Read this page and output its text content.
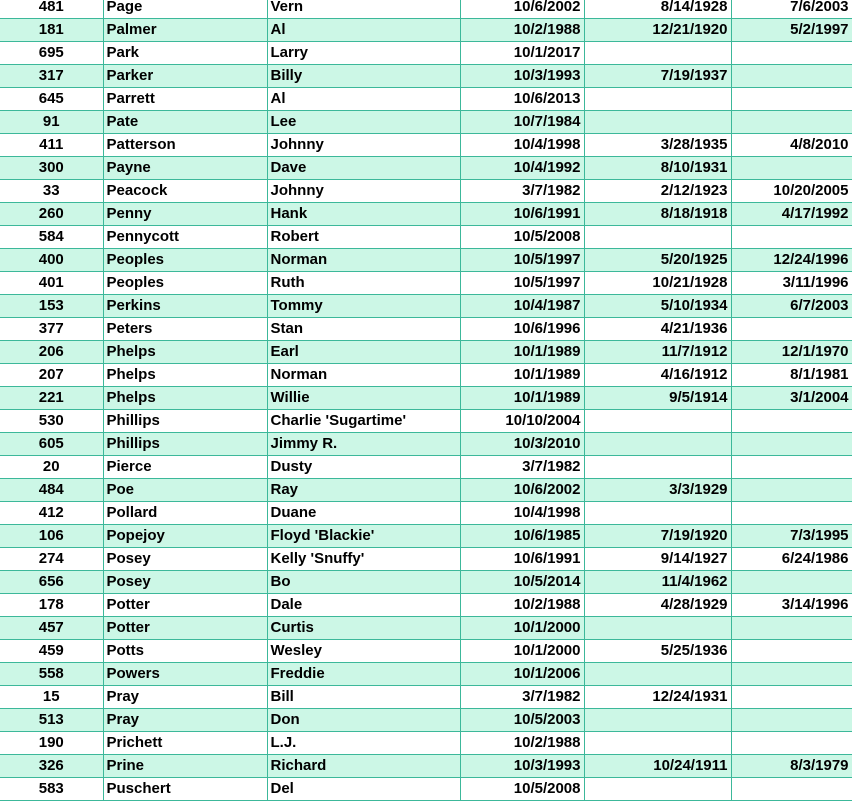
481	Page	Vern	10/6/2002	8/14/1928	7/6/2003
181	Palmer	Al	10/2/1988	12/21/1920	5/2/1997
695	Park	Larry	10/1/2017		
317	Parker	Billy	10/3/1993	7/19/1937	
645	Parrett	Al	10/6/2013		
91	Pate	Lee	10/7/1984		
411	Patterson	Johnny	10/4/1998	3/28/1935	4/8/2010
300	Payne	Dave	10/4/1992	8/10/1931	
33	Peacock	Johnny	3/7/1982	2/12/1923	10/20/2005
260	Penny	Hank	10/6/1991	8/18/1918	4/17/1992
584	Pennycott	Robert	10/5/2008		
400	Peoples	Norman	10/5/1997	5/20/1925	12/24/1996
401	Peoples	Ruth	10/5/1997	10/21/1928	3/11/1996
153	Perkins	Tommy	10/4/1987	5/10/1934	6/7/2003
377	Peters	Stan	10/6/1996	4/21/1936	
206	Phelps	Earl	10/1/1989	11/7/1912	12/1/1970
207	Phelps	Norman	10/1/1989	4/16/1912	8/1/1981
221	Phelps	Willie	10/1/1989	9/5/1914	3/1/2004
530	Phillips	Charlie 'Sugartime'	10/10/2004		
605	Phillips	Jimmy R.	10/3/2010		
20	Pierce	Dusty	3/7/1982		
484	Poe	Ray	10/6/2002	3/3/1929	
412	Pollard	Duane	10/4/1998		
106	Popejoy	Floyd 'Blackie'	10/6/1985	7/19/1920	7/3/1995
274	Posey	Kelly 'Snuffy'	10/6/1991	9/14/1927	6/24/1986
656	Posey	Bo	10/5/2014	11/4/1962	
178	Potter	Dale	10/2/1988	4/28/1929	3/14/1996
457	Potter	Curtis	10/1/2000		
459	Potts	Wesley	10/1/2000	5/25/1936	
558	Powers	Freddie	10/1/2006		
15	Pray	Bill	3/7/1982	12/24/1931	
513	Pray	Don	10/5/2003		
190	Prichett	L.J.	10/2/1988		
326	Prine	Richard	10/3/1993	10/24/1911	8/3/1979
583	Puschert	Del	10/5/2008		
